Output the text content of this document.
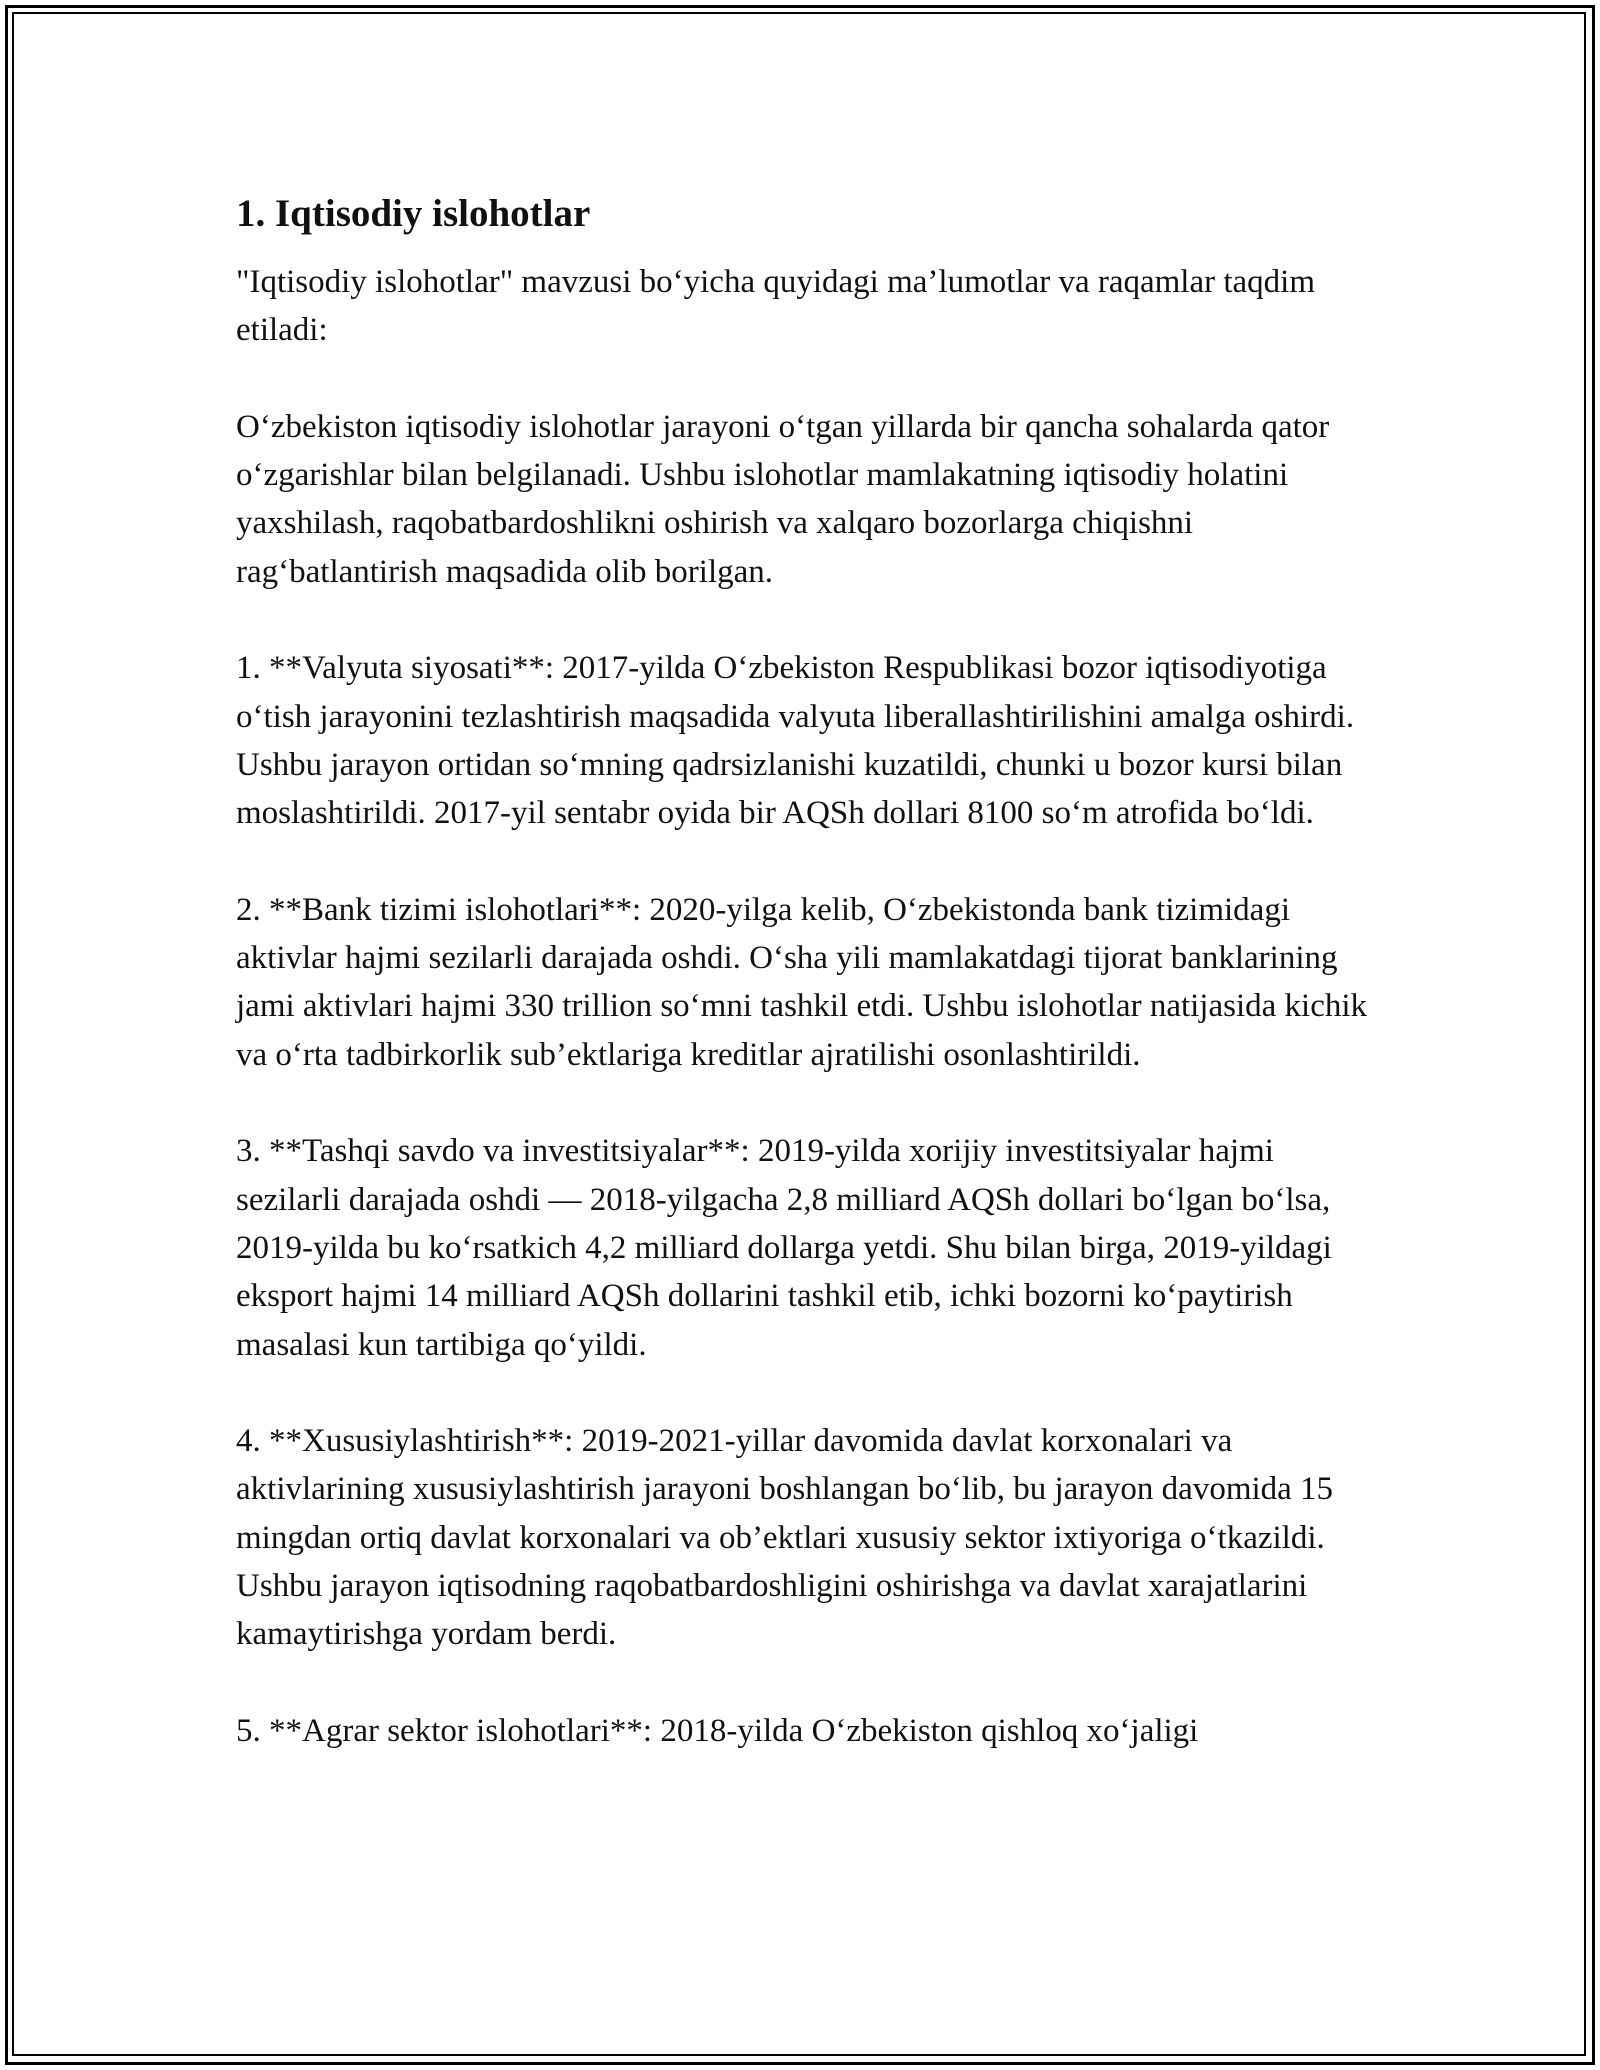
1. Iqtisodiy islohotlar

"Iqtisodiy islohotlar" mavzusi bo‘yicha quyidagi ma’lumotlar va raqamlar taqdim etiladi:

O‘zbekiston iqtisodiy islohotlar jarayoni o‘tgan yillarda bir qancha sohalarda qator o‘zgarishlar bilan belgilanadi. Ushbu islohotlar mamlakatning iqtisodiy holatini yaxshilash, raqobatbardoshlikni oshirish va xalqaro bozorlarga chiqishni rag‘batlantirish maqsadida olib borilgan.

1. **Valyuta siyosati**: 2017-yilda O‘zbekiston Respublikasi bozor iqtisodiyotiga o‘tish jarayonini tezlashtirish maqsadida valyuta liberallashtirilishini amalga oshirdi. Ushbu jarayon ortidan so‘mning qadrsizlanishi kuzatildi, chunki u bozor kursi bilan moslashtirildi. 2017-yil sentabr oyida bir AQSh dollari 8100 so‘m atrofida bo‘ldi.

2. **Bank tizimi islohotlari**: 2020-yilga kelib, O‘zbekistonda bank tizimidagi aktivlar hajmi sezilarli darajada oshdi. O‘sha yili mamlakatdagi tijorat banklarining jami aktivlari hajmi 330 trillion so‘mni tashkil etdi. Ushbu islohotlar natijasida kichik va o‘rta tadbirkorlik sub’ektlariga kreditlar ajratilishi osonlashtirildi.

3. **Tashqi savdo va investitsiyalar**: 2019-yilda xorijiy investitsiyalar hajmi sezilarli darajada oshdi — 2018-yilgacha 2,8 milliard AQSh dollari bo‘lgan bo‘lsa, 2019-yilda bu ko‘rsatkich 4,2 milliard dollarga yetdi. Shu bilan birga, 2019-yildagi eksport hajmi 14 milliard AQSh dollarini tashkil etib, ichki bozorni ko‘paytirish masalasi kun tartibiga qo‘yildi.

4. **Xususiylashtirish**: 2019-2021-yillar davomida davlat korxonalari va aktivlarining xususiylashtirish jarayoni boshlangan bo‘lib, bu jarayon davomida 15 mingdan ortiq davlat korxonalari va ob’ektlari xususiy sektor ixtiyoriga o‘tkazildi. Ushbu jarayon iqtisodning raqobatbardoshligini oshirishga va davlat xarajatlarini kamaytirishga yordam berdi.

5. **Agrar sektor islohotlari**: 2018-yilda O‘zbekiston qishloq xo‘jaligi
